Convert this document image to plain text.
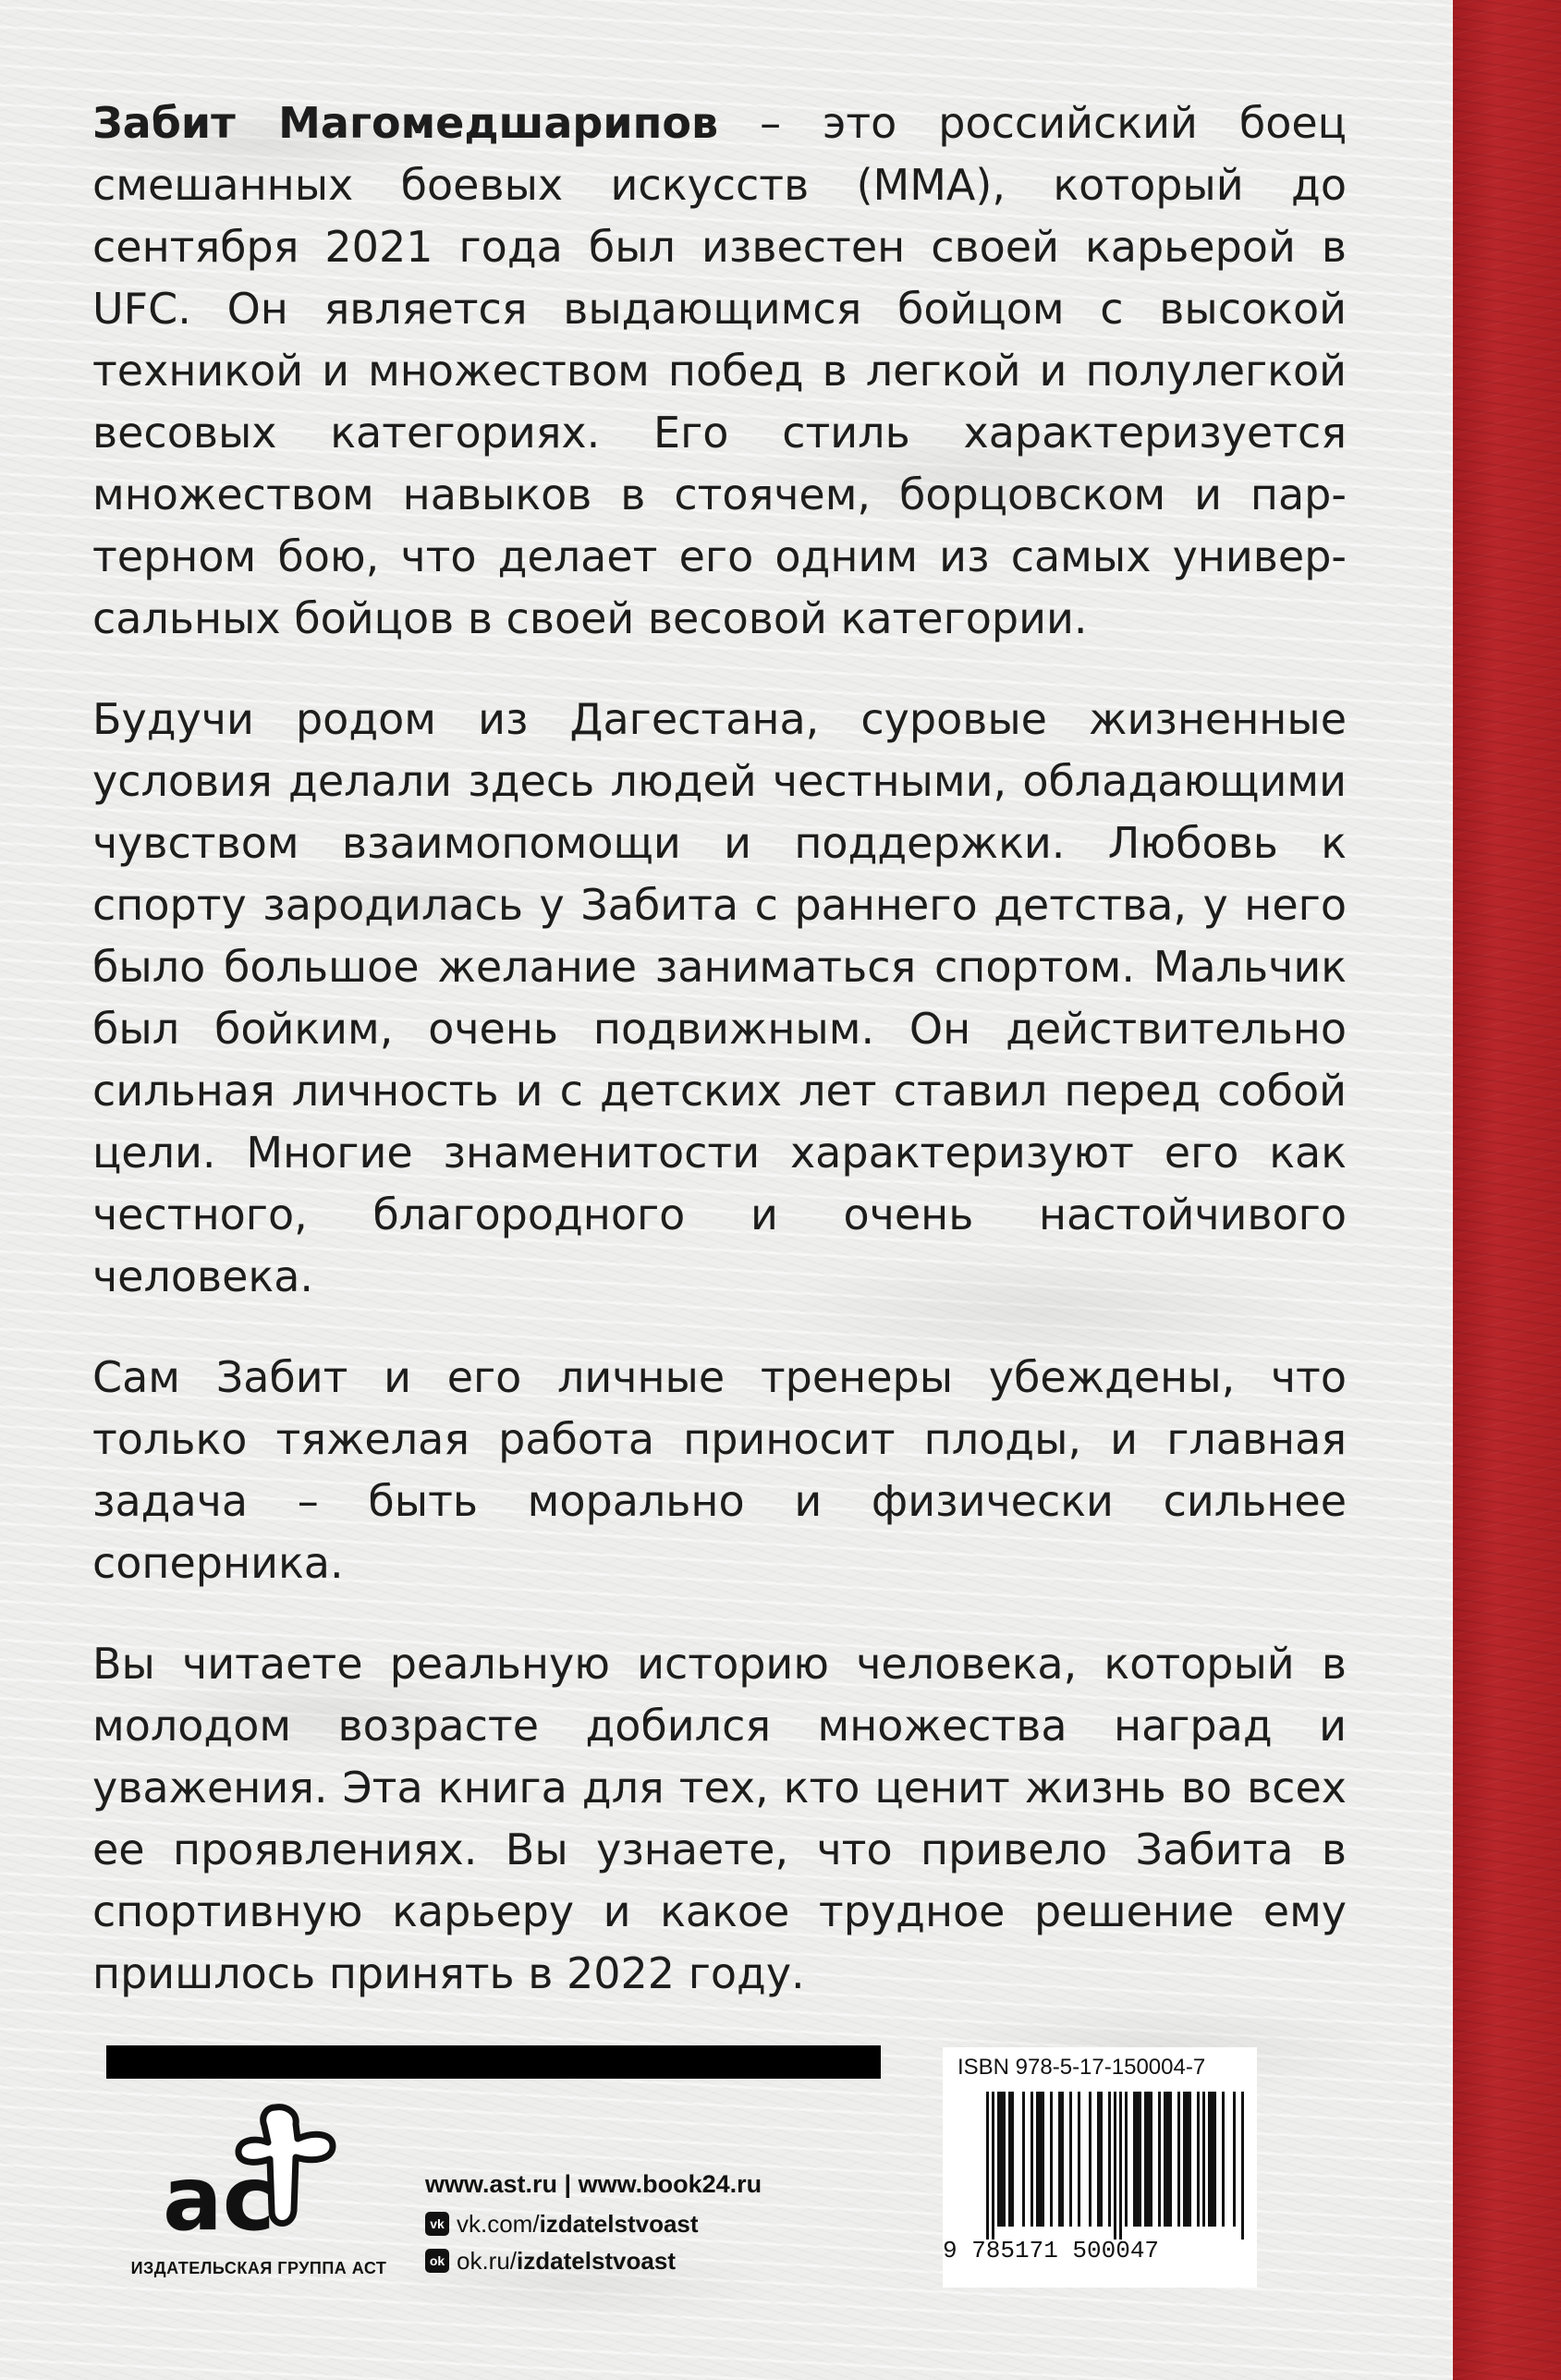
Забит Магомедшарипов – это российский боец смешанных боевых искусств (ММА), который до сентября 2021 года был известен своей карьерой в UFC. Он является выдающимся бойцом с высокой техникой и множеством побед в легкой и полулегкой весовых категориях. Его стиль характеризуется множеством навыков в стоячем, борцовском и партерном бою, что делает его одним из самых универсальных бойцов в своей весовой категории.

Будучи родом из Дагестана, суровые жизненные условия делали здесь людей честными, обладающими чувством взаимопомощи и поддержки. Любовь к спорту зародилась у Забита с раннего детства, у него было большое желание заниматься спортом. Мальчик был бойким, очень подвижным. Он действительно сильная личность и с детских лет ставил перед собой цели. Многие знаменитости характеризуют его как честного, благородного и очень настойчивого человека.

Сам Забит и его личные тренеры убеждены, что только тяжелая работа приносит плоды, и главная задача – быть морально и физически сильнее соперника.

Вы читаете реальную историю человека, который в молодом возрасте добился множества наград и уважения. Эта книга для тех, кто ценит жизнь во всех ее проявлениях. Вы узнаете, что привело Забита в спортивную карьеру и какое трудное решение ему пришлось принять в 2022 году.

ac
ИЗДАТЕЛЬСКАЯ ГРУППА АСТ
www.ast.ru | www.book24.ru
vk vk.com/ izdatelstvoast
ok ok.ru/ izdatelstvoast
ISBN 978-5-17-150004-7
9 785171 500047
